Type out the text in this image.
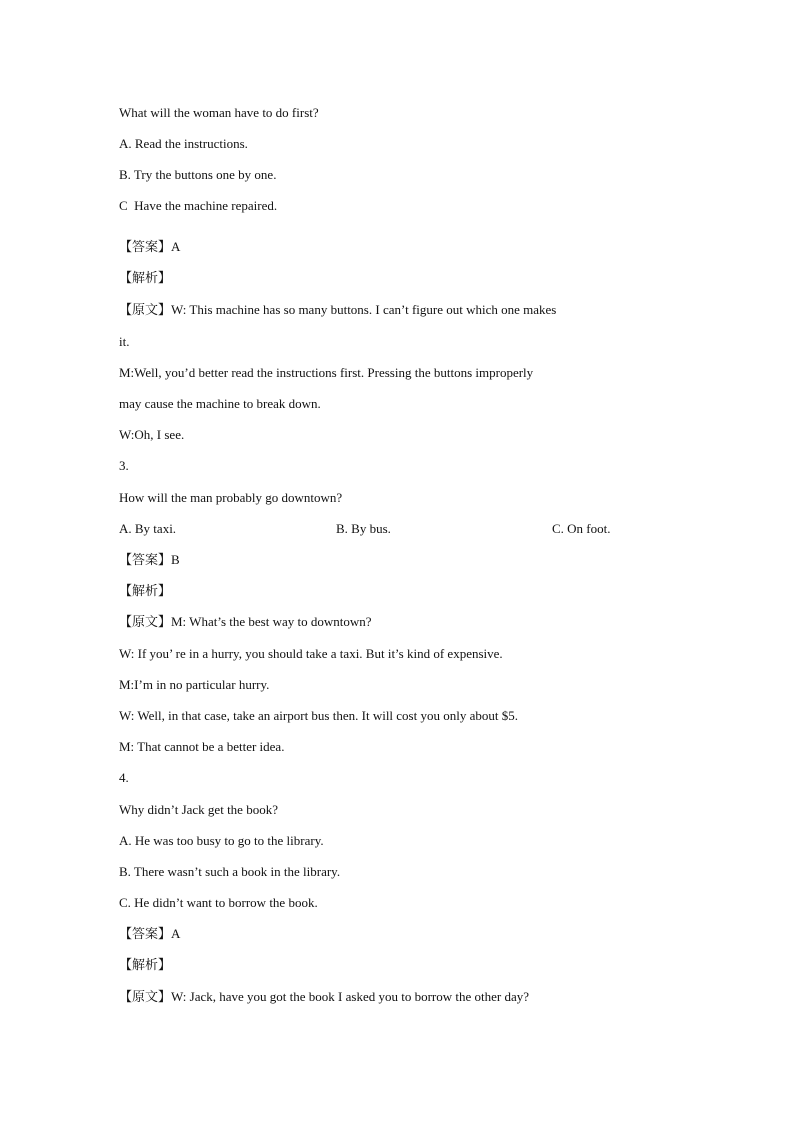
What will the woman have to do first?
A. Read the instructions.
B. Try the buttons one by one.
C  Have the machine repaired.
【答案】A
【解析】
【原文】W: This machine has so many buttons. I can’t figure out which one makes
it.
M:Well, you’d better read the instructions first. Pressing the buttons improperly
may cause the machine to break down.
W:Oh, I see.
3.
How will the man probably go downtown?
A. By taxi.	B. By bus.	C. On foot.
【答案】B
【解析】
【原文】M: What’s the best way to downtown?
W: If you’ re in a hurry, you should take a taxi. But it’s kind of expensive.
M:I’m in no particular hurry.
W: Well, in that case, take an airport bus then. It will cost you only about $5.
M: That cannot be a better idea.
4.
Why didn’t Jack get the book?
A. He was too busy to go to the library.
B. There wasn’t such a book in the library.
C. He didn’t want to borrow the book.
【答案】A
【解析】
【原文】W: Jack, have you got the book I asked you to borrow the other day?
